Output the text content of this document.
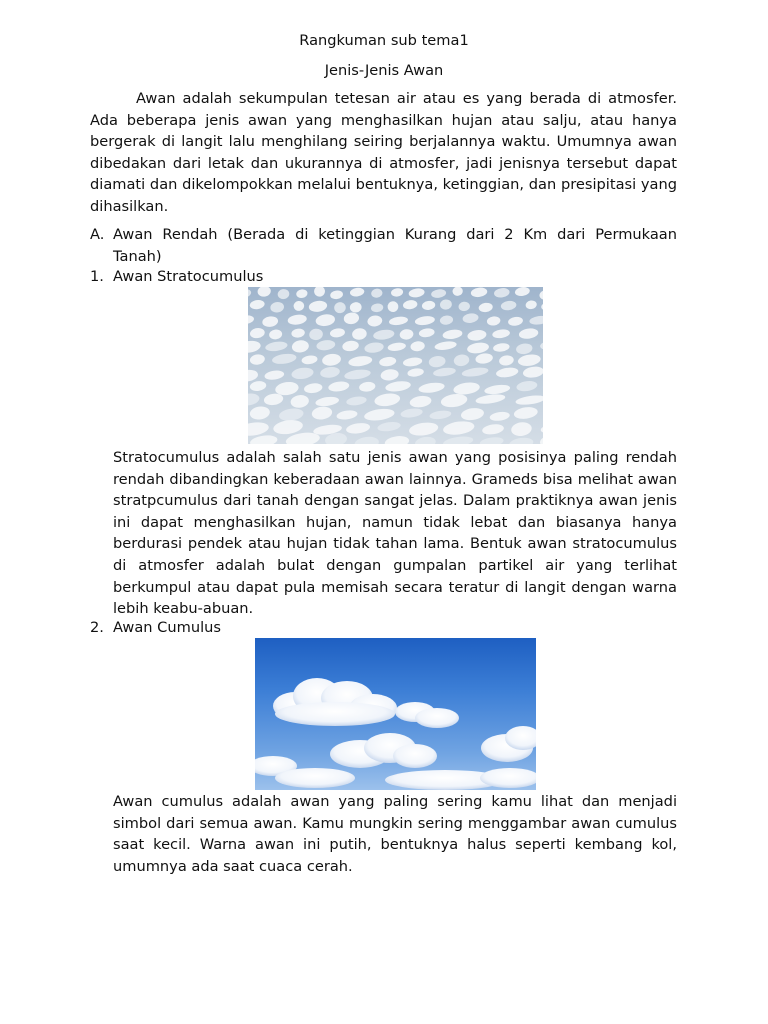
Rangkuman sub tema1
Jenis-Jenis Awan

Awan adalah sekumpulan tetesan air atau es yang berada di atmosfer. Ada beberapa jenis awan yang menghasilkan hujan atau salju, atau hanya bergerak di langit lalu menghilang seiring berjalannya waktu. Umumnya awan dibedakan dari letak dan ukurannya di atmosfer, jadi jenisnya tersebut dapat diamati dan dikelompokkan melalui bentuknya, ketinggian, dan presipitasi yang dihasilkan.

A. Awan Rendah (Berada di ketinggian Kurang dari 2 Km dari Permukaan Tanah)
1. Awan Stratocumulus

Stratocumulus adalah salah satu jenis awan yang posisinya paling rendah rendah dibandingkan keberadaan awan lainnya. Grameds bisa melihat awan stratpcumulus dari tanah dengan sangat jelas. Dalam praktiknya awan jenis ini dapat menghasilkan hujan, namun tidak lebat dan biasanya hanya berdurasi pendek atau hujan tidak tahan lama. Bentuk awan stratocumulus di atmosfer adalah bulat dengan gumpalan partikel air yang terlihat berkumpul atau dapat pula memisah secara teratur di langit dengan warna lebih keabu-abuan.

2. Awan Cumulus

Awan cumulus adalah awan yang paling sering kamu lihat dan menjadi simbol dari semua awan. Kamu mungkin sering menggambar awan cumulus saat kecil. Warna awan ini putih, bentuknya halus seperti kembang kol, umumnya ada saat cuaca cerah.
